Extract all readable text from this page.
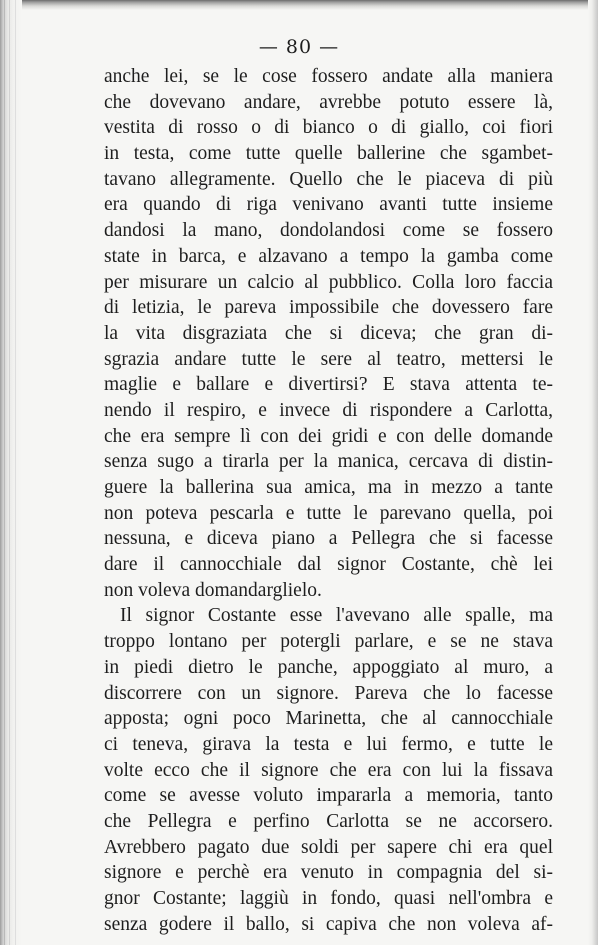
— 80 —
anche lei, se le cose fossero andate alla maniera
che dovevano andare, avrebbe potuto essere là,
vestita di rosso o di bianco o di giallo, coi fiori
in testa, come tutte quelle ballerine che sgambet-
tavano allegramente. Quello che le piaceva di più
era quando di riga venivano avanti tutte insieme
dandosi la mano, dondolandosi come se fossero
state in barca, e alzavano a tempo la gamba come
per misurare un calcio al pubblico. Colla loro faccia
di letizia, le pareva impossibile che dovessero fare
la vita disgraziata che si diceva; che gran di-
sgrazia andare tutte le sere al teatro, mettersi le
maglie e ballare e divertirsi? E stava attenta te-
nendo il respiro, e invece di rispondere a Carlotta,
che era sempre lì con dei gridi e con delle domande
senza sugo a tirarla per la manica, cercava di distin-
guere la ballerina sua amica, ma in mezzo a tante
non poteva pescarla e tutte le parevano quella, poi
nessuna, e diceva piano a Pellegra che si facesse
dare il cannocchiale dal signor Costante, chè lei
non voleva domandarglielo.
Il signor Costante esse l'avevano alle spalle, ma
troppo lontano per potergli parlare, e se ne stava
in piedi dietro le panche, appoggiato al muro, a
discorrere con un signore. Pareva che lo facesse
apposta; ogni poco Marinetta, che al cannocchiale
ci teneva, girava la testa e lui fermo, e tutte le
volte ecco che il signore che era con lui la fissava
come se avesse voluto impararla a memoria, tanto
che Pellegra e perfino Carlotta se ne accorsero.
Avrebbero pagato due soldi per sapere chi era quel
signore e perchè era venuto in compagnia del si-
gnor Costante; laggiù in fondo, quasi nell'ombra e
senza godere il ballo, si capiva che non voleva af-
